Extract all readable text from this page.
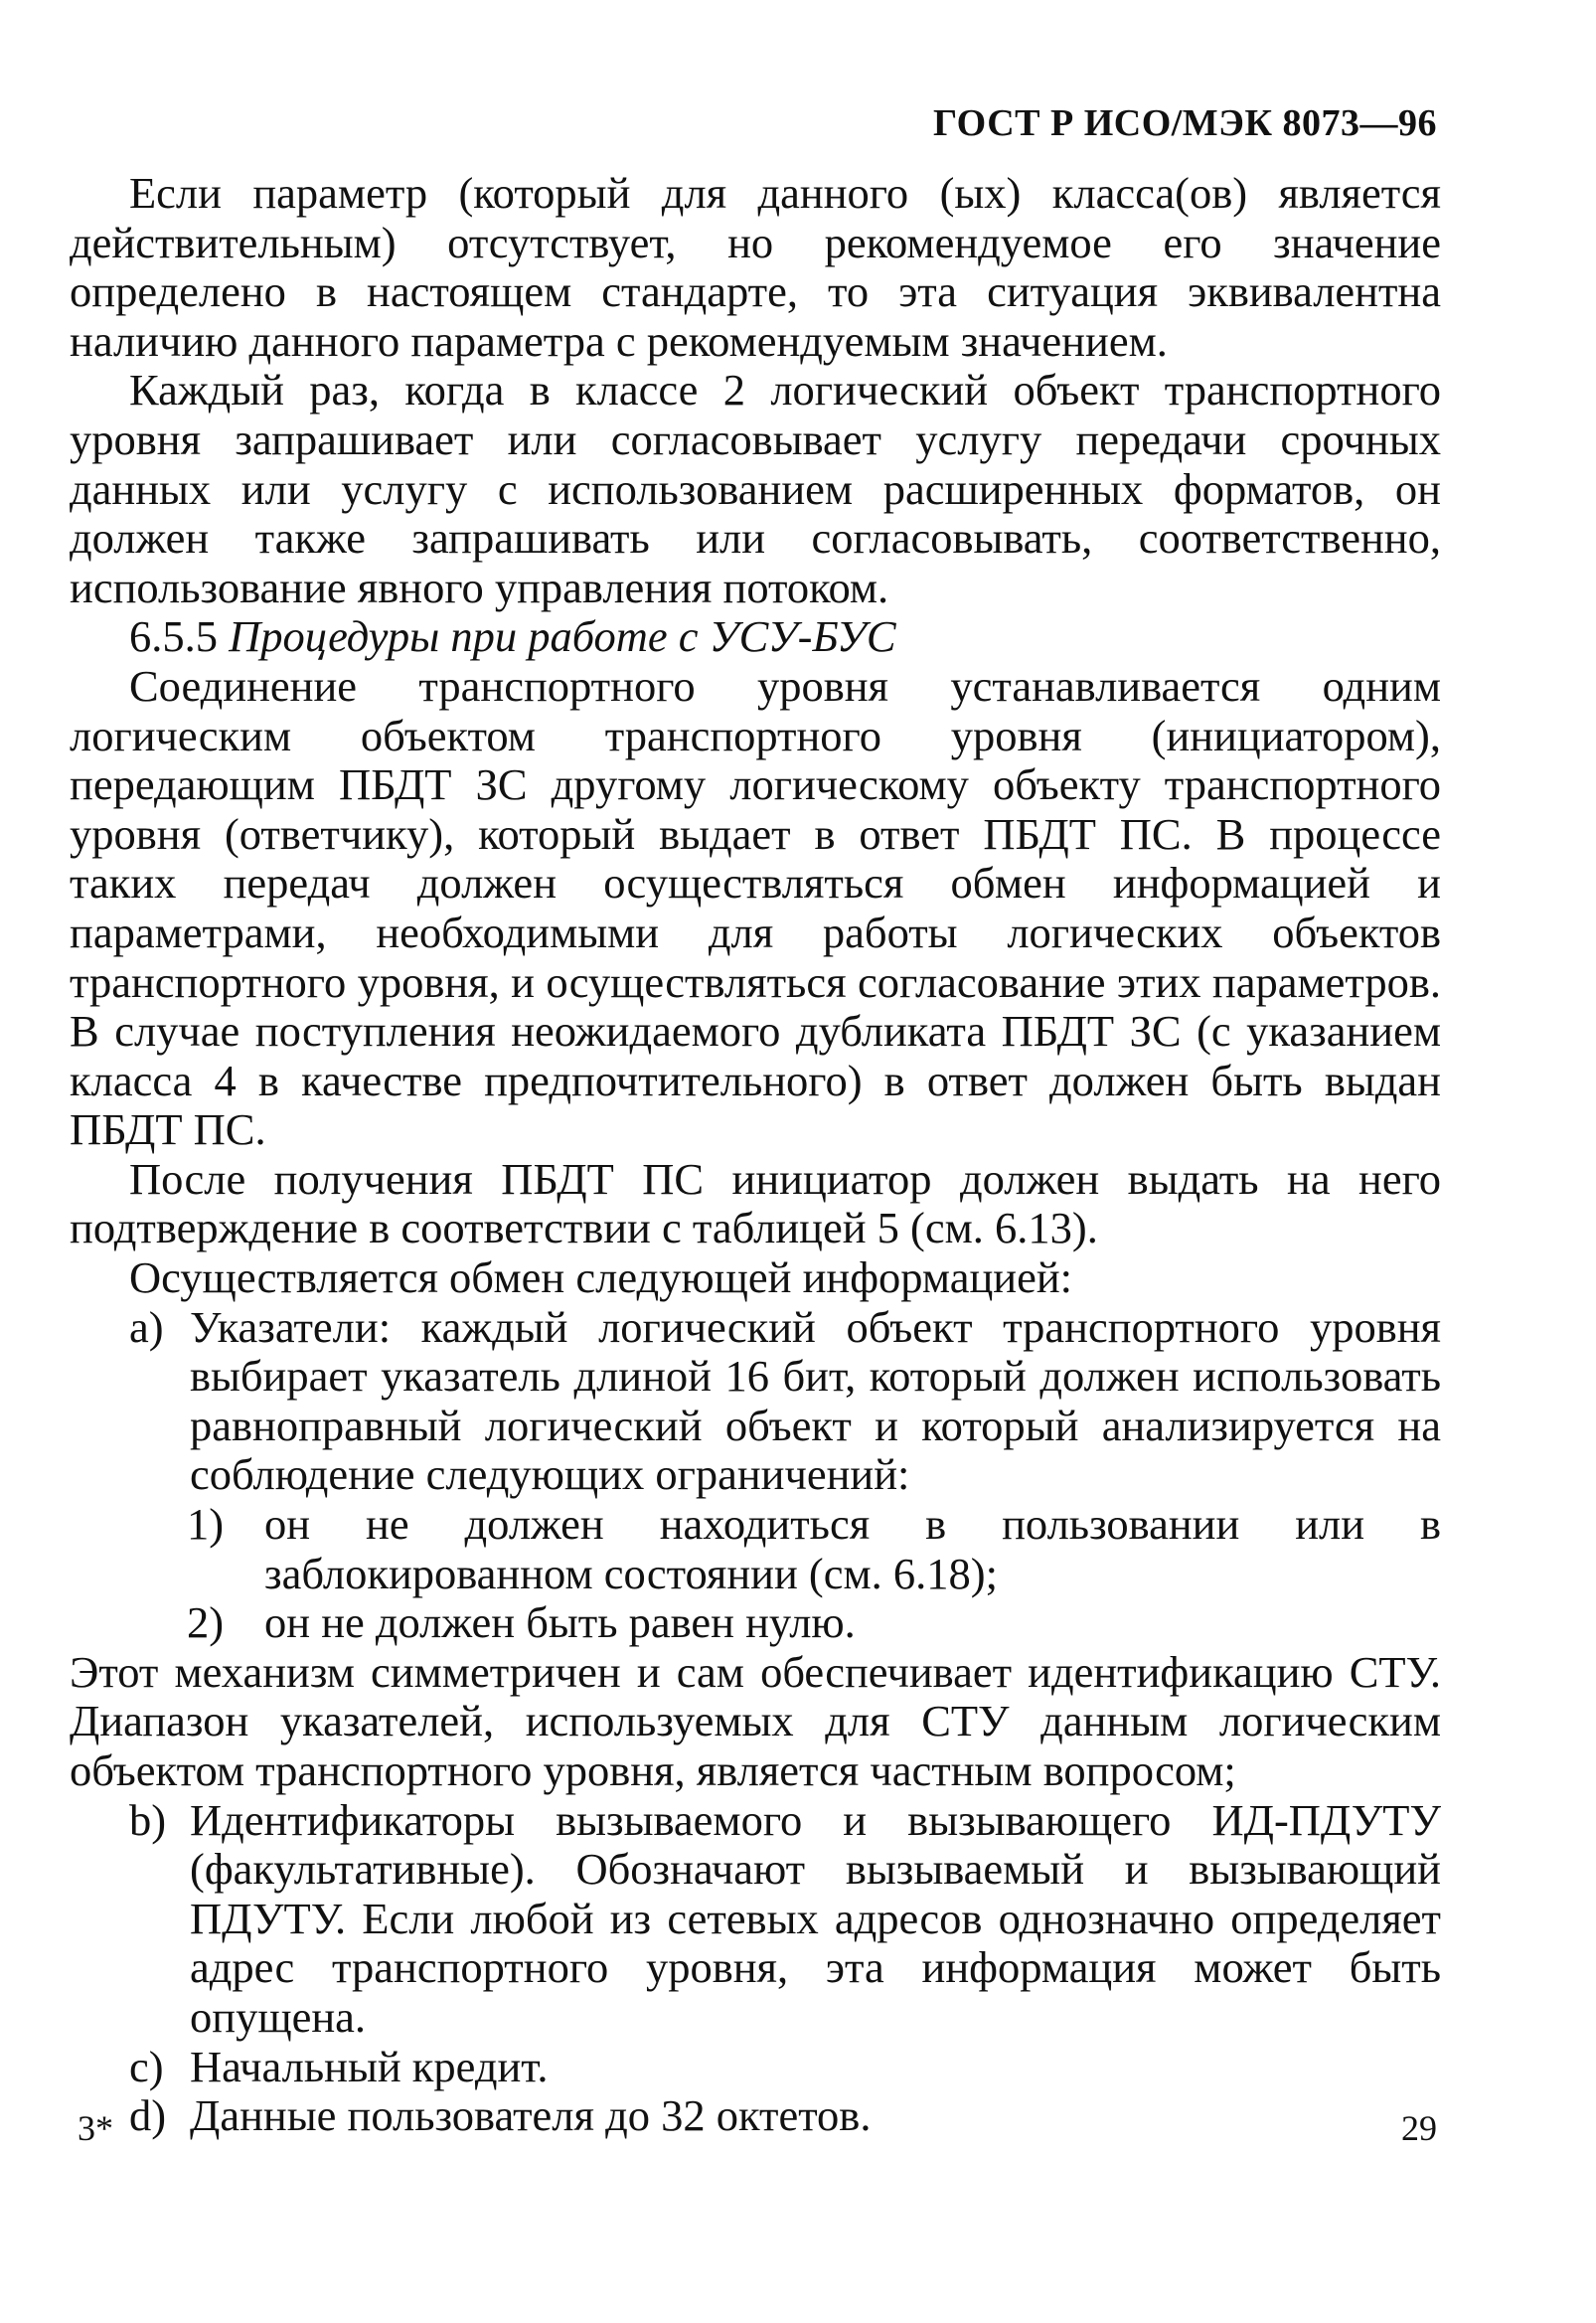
ГОСТ Р ИСО/МЭК 8073—96

Если параметр (который для данного (ых) класса(ов) является действительным) отсутствует, но рекомендуемое его значение определено в настоящем стандарте, то эта ситуация эквивалентна наличию данного параметра с рекомендуемым значением.

Каждый раз, когда в классе 2 логический объект транспортного уровня запрашивает или согласовывает услугу передачи срочных данных или услугу с использованием расширенных форматов, он должен также запрашивать или согласовывать, соответственно, использование явного управления потоком.

6.5.5 Процедуры при работе с УСУ-БУС

Соединение транспортного уровня устанавливается одним логическим объектом транспортного уровня (инициатором), передающим ПБДТ ЗС другому логическому объекту транспортного уровня (ответчику), который выдает в ответ ПБДТ ПС. В процессе таких передач должен осуществляться обмен информацией и параметрами, необходимыми для работы логических объектов транспортного уровня, и осуществляться согласование этих параметров. В случае поступления неожидаемого дубликата ПБДТ ЗС (с указанием класса 4 в качестве предпочтительного) в ответ должен быть выдан ПБДТ ПС.

После получения ПБДТ ПС инициатор должен выдать на него подтверждение в соответствии с таблицей 5 (см. 6.13).

Осуществляется обмен следующей информацией:

а) Указатели: каждый логический объект транспортного уровня выбирает указатель длиной 16 бит, который должен использовать равноправный логический объект и который анализируется на соблюдение следующих ограничений:
1) он не должен находиться в пользовании или в заблокированном состоянии (см. 6.18);
2) он не должен быть равен нулю.

Этот механизм симметричен и сам обеспечивает идентификацию СТУ. Диапазон указателей, используемых для СТУ данным логическим объектом транспортного уровня, является частным вопросом;

b) Идентификаторы вызываемого и вызывающего ИД-ПДУТУ (факультативные). Обозначают вызываемый и вызывающий ПДУТУ. Если любой из сетевых адресов однозначно определяет адрес транспортного уровня, эта информация может быть опущена.
c) Начальный кредит.
d) Данные пользователя до 32 октетов.
3*	29
